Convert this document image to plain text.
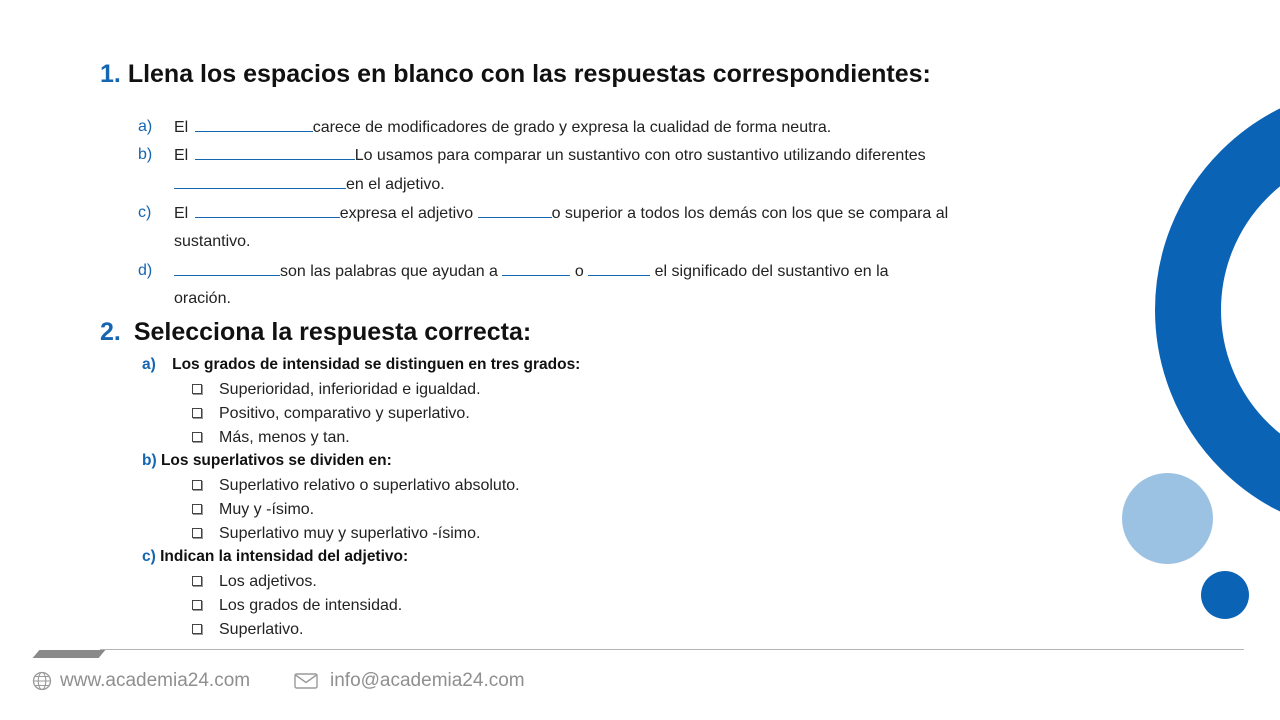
1. Llena los espacios en blanco con las respuestas correspondientes:
a) El	carece de modificadores de grado y expresa la cualidad de forma neutra.
b) El	Lo usamos para comparar un sustantivo con otro sustantivo utilizando diferentes
en el adjetivo.
c) El	expresa el adjetivo	o superior a todos los demás con los que se compara al
sustantivo.
d)	son las palabras que ayudan a	o	el significado del sustantivo en la
oración.
2. Selecciona la respuesta correcta:
a) Los grados de intensidad se distinguen en tres grados:
Superioridad, inferioridad e igualdad.
Positivo, comparativo y superlativo.
Más, menos y tan.
b) Los superlativos se dividen en:
Superlativo relativo o superlativo absoluto.
Muy y -ísimo.
Superlativo muy y superlativo -ísimo.
c) Indican la intensidad del adjetivo:
Los adjetivos.
Los grados de intensidad.
Superlativo.
www.academia24.com	info@academia24.com
